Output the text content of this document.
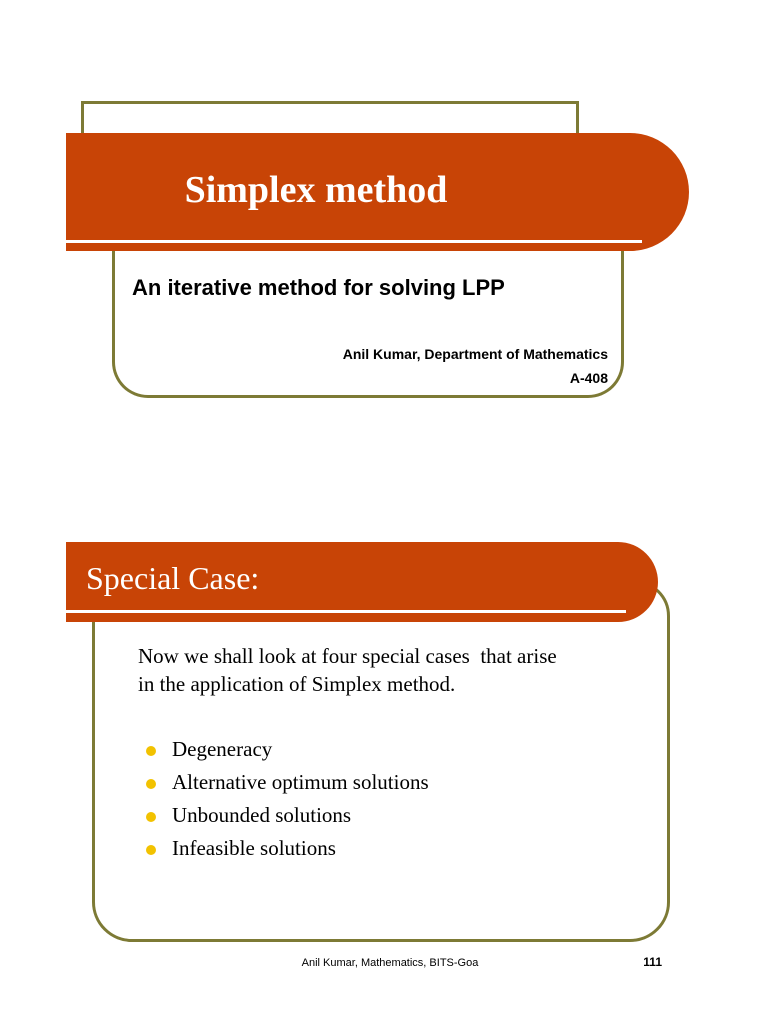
Simplex method
An iterative method for solving LPP
Anil Kumar, Department of Mathematics
A-408
Special Case:
Now we shall look at four special cases  that arise
in the application of Simplex method.
Degeneracy
Alternative optimum solutions
Unbounded solutions
Infeasible solutions
Anil Kumar, Mathematics, BITS-Goa	111
